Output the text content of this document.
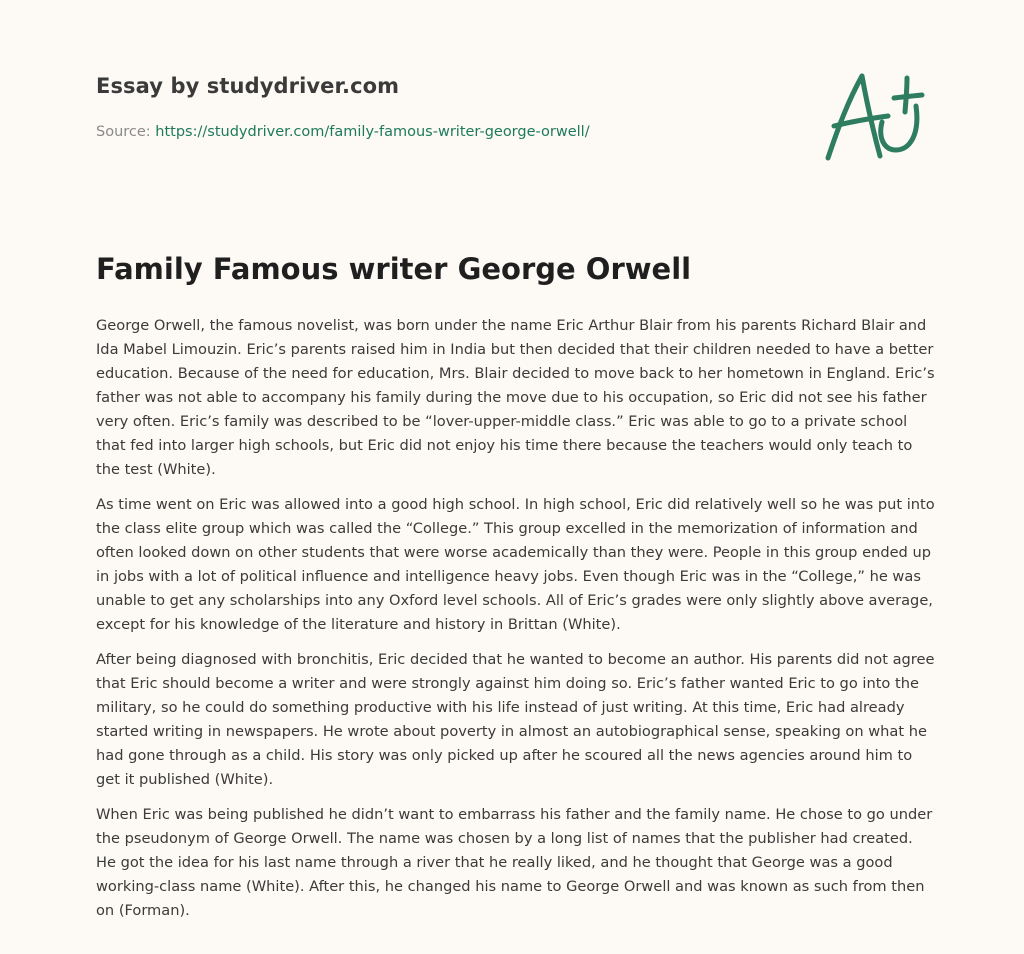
Essay by studydriver.com
Source: https://studydriver.com/family-famous-writer-george-orwell/
Family Famous writer George Orwell

George Orwell, the famous novelist, was born under the name Eric Arthur Blair from his parents Richard Blair and Ida Mabel Limouzin. Eric’s parents raised him in India but then decided that their children needed to have a better education. Because of the need for education, Mrs. Blair decided to move back to her hometown in England. Eric’s father was not able to accompany his family during the move due to his occupation, so Eric did not see his father very often. Eric’s family was described to be “lover-upper-middle class.” Eric was able to go to a private school that fed into larger high schools, but Eric did not enjoy his time there because the teachers would only teach to the test (White).

As time went on Eric was allowed into a good high school. In high school, Eric did relatively well so he was put into the class elite group which was called the “College.” This group excelled in the memorization of information and often looked down on other students that were worse academically than they were. People in this group ended up in jobs with a lot of political influence and intelligence heavy jobs. Even though Eric was in the “College,” he was unable to get any scholarships into any Oxford level schools. All of Eric’s grades were only slightly above average, except for his knowledge of the literature and history in Brittan (White).

After being diagnosed with bronchitis, Eric decided that he wanted to become an author. His parents did not agree that Eric should become a writer and were strongly against him doing so. Eric’s father wanted Eric to go into the military, so he could do something productive with his life instead of just writing. At this time, Eric had already started writing in newspapers. He wrote about poverty in almost an autobiographical sense, speaking on what he had gone through as a child. His story was only picked up after he scoured all the news agencies around him to get it published (White).

When Eric was being published he didn’t want to embarrass his father and the family name. He chose to go under the pseudonym of George Orwell. The name was chosen by a long list of names that the publisher had created. He got the idea for his last name through a river that he really liked, and he thought that George was a good working-class name (White). After this, he changed his name to George Orwell and was known as such from then on (Forman).
